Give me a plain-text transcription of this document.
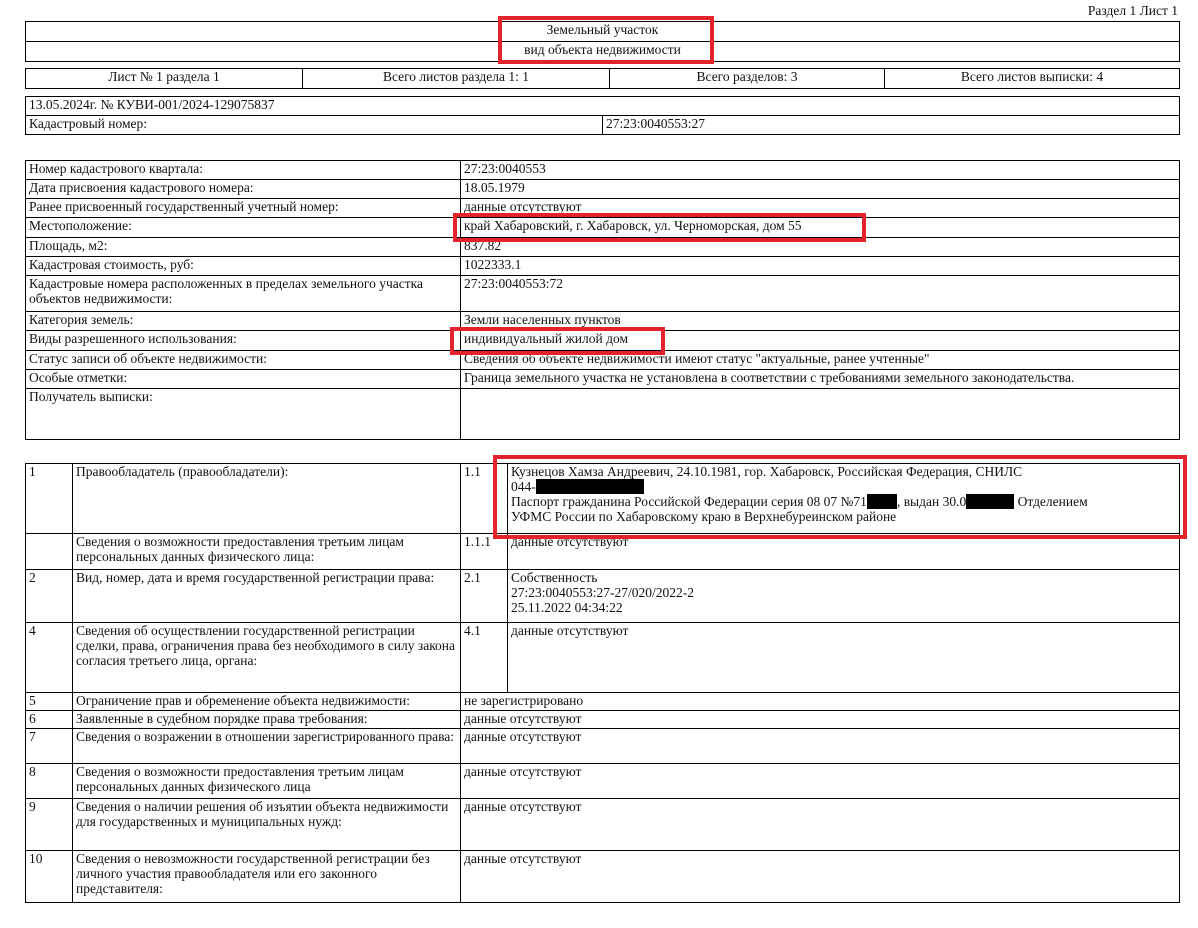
Раздел 1 Лист 1
Земельный участок
вид объекта недвижимости
Лист № 1 раздела 1	Всего листов раздела 1: 1	Всего разделов: 3	Всего листов выписки: 4
13.05.2024г. № КУВИ-001/2024-129075837
Кадастровый номер:	27:23:0040553:27
Номер кадастрового квартала:	27:23:0040553
Дата присвоения кадастрового номера:	18.05.1979
Ранее присвоенный государственный учетный номер:	данные отсутствуют
Местоположение:	край Хабаровский, г. Хабаровск, ул. Черноморская, дом 55
Площадь, м2:	837.82
Кадастровая стоимость, руб:	1022333.1
Кадастровые номера расположенных в пределах земельного участка объектов недвижимости:	27:23:0040553:72
Категория земель:	Земли населенных пунктов
Виды разрешенного использования:	индивидуальный жилой дом
Статус записи об объекте недвижимости:	Сведения об объекте недвижимости имеют статус "актуальные, ранее учтенные"
Особые отметки:	Граница земельного участка не установлена в соответствии с требованиями земельного законодательства.
Получатель выписки:	
1	Правообладатель (правообладатели):	1.1	Кузнецов Хамза Андреевич, 24.10.1981, гор. Хабаровск, Российская Федерация, СНИЛС
044-
Паспорт гражданина Российской Федерации серия 08 07 №71 , выдан 30.0 Отделением
УФМС России по Хабаровскому краю в Верхнебуреинском районе

	Сведения о возможности предоставления третьим лицам персональных данных физического лица:	1.1.1	данные отсутствуют
2	Вид, номер, дата и время государственной регистрации права:	2.1	Собственность
27:23:0040553:27-27/020/2022-2
25.11.2022 04:34:22

4	Сведения об осуществлении государственной регистрации сделки, права, ограничения права без необходимого в силу закона согласия третьего лица, органа:	4.1	данные отсутствуют
5	Ограничение прав и обременение объекта недвижимости:	не зарегистрировано	
6	Заявленные в судебном порядке права требования:	данные отсутствуют	
7	Сведения о возражении в отношении зарегистрированного права:	данные отсутствуют	
8	Сведения о возможности предоставления третьим лицам персональных данных физического лица	данные отсутствуют	
9	Сведения о наличии решения об изъятии объекта недвижимости для государственных и муниципальных нужд:	данные отсутствуют	
10	Сведения о невозможности государственной регистрации без личного участия правообладателя или его законного представителя:	данные отсутствуют	
